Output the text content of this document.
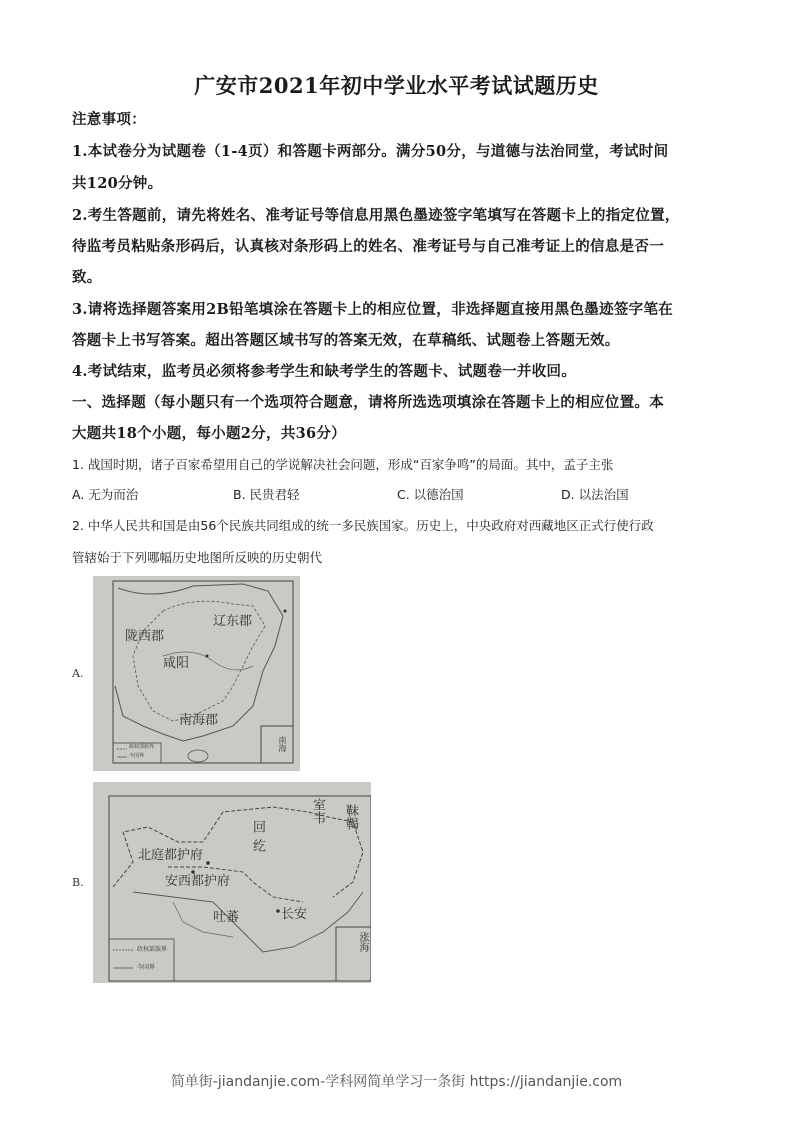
广安市2021年初中学业水平考试试题历史
注意事项：
1.本试卷分为试题卷（1-4页）和答题卡两部分。满分50分，与道德与法治同堂，考试时间
共120分钟。
2.考生答题前，请先将姓名、准考证号等信息用黑色墨迹签字笔填写在答题卡上的指定位置，
待监考员粘贴条形码后，认真核对条形码上的姓名、准考证号与自己准考证上的信息是否一
致。
3.请将选择题答案用2B铅笔填涂在答题卡上的相应位置，非选择题直接用黑色墨迹签字笔在
答题卡上书写答案。超出答题区域书写的答案无效，在草稿纸、试题卷上答题无效。
4.考试结束，监考员必须将参考学生和缺考学生的答题卡、试题卷一并收回。
一、选择题（每小题只有一个选项符合题意，请将所选选项填涂在答题卡上的相应位置。本
大题共18个小题，每小题2分，共36分）
1. 战国时期，诸子百家希望用自己的学说解决社会问题，形成“百家争鸣”的局面。其中，孟子主张
A. 无为而治	B. 民贵君轻	C. 以德治国	D. 以法治国
2. 中华人民共和国是由56个民族共同组成的统一多民族国家。历史上，中央政府对西藏地区正式行使行政
管辖始于下列哪幅历史地图所反映的历史朝代
A.
陇西郡
辽东郡
咸阳
南海郡
政权部族界
今国界
南海
B.
室韦 靺鞨
回纥
北庭都护府
安西都护府
吐蕃	长安
政权部族界
今国界
涨海
简单街-jiandanjie.com-学科网简单学习一条街 https://jiandanjie.com
